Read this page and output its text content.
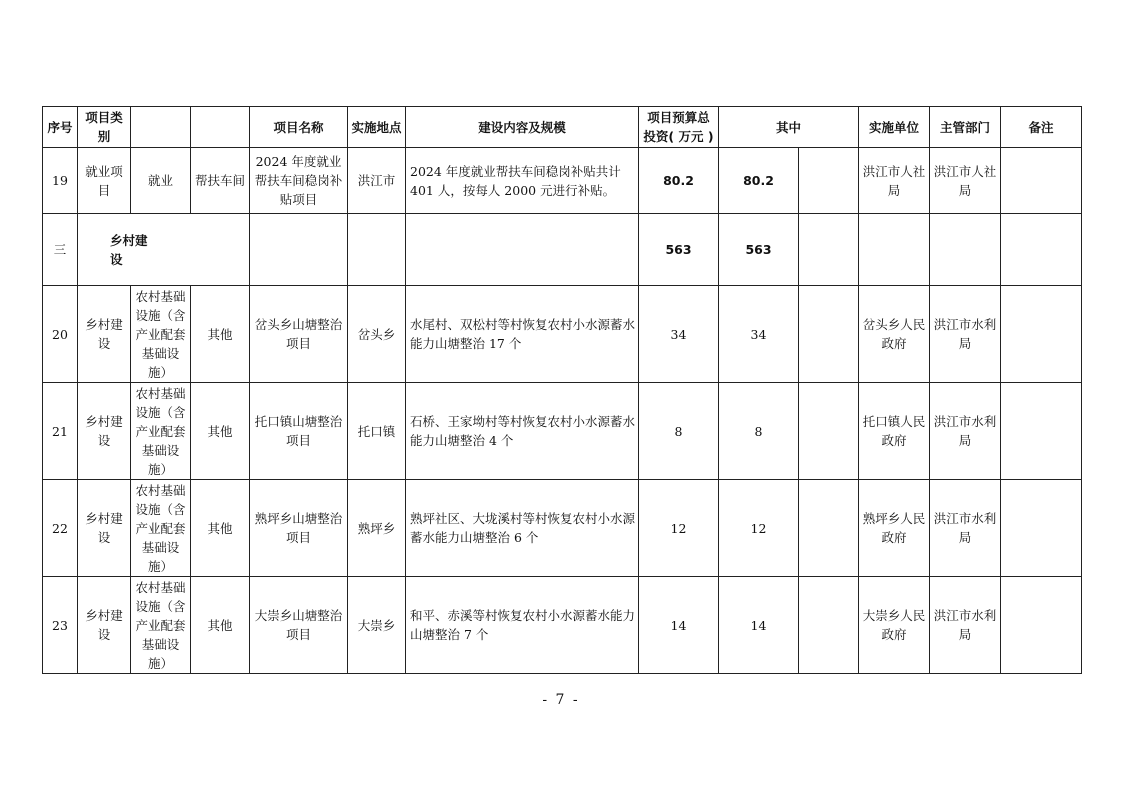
序号	项目类别			项目名称	实施地点	建设内容及规模	项目预算总投资( 万元 )	其中		实施单位	主管部门	备注
19	就业项目	就业	帮扶车间	2024 年度就业帮扶车间稳岗补贴项目	洪江市	2024 年度就业帮扶车间稳岗补贴共计401 人，按每人 2000 元进行补贴。	80.2	80.2		洪江市人社局	洪江市人社局	
三	乡村建设						563	563				
20	乡村建设	农村基础设施（含产业配套基础设施）	其他	岔头乡山塘整治项目	岔头乡	水尾村、双松村等村恢复农村小水源蓄水能力山塘整治 17 个	34	34		岔头乡人民政府	洪江市水利局	
21	乡村建设	农村基础设施（含产业配套基础设施）	其他	托口镇山塘整治项目	托口镇	石桥、王家坳村等村恢复农村小水源蓄水能力山塘整治 4 个	8	8		托口镇人民政府	洪江市水利局	
22	乡村建设	农村基础设施（含产业配套基础设施）	其他	熟坪乡山塘整治项目	熟坪乡	熟坪社区、大垅溪村等村恢复农村小水源蓄水能力山塘整治 6 个	12	12		熟坪乡人民政府	洪江市水利局	
23	乡村建设	农村基础设施（含产业配套基础设施）	其他	大崇乡山塘整治项目	大崇乡	和平、赤溪等村恢复农村小水源蓄水能力山塘整治 7 个	14	14		大崇乡人民政府	洪江市水利局	
- 7 -
